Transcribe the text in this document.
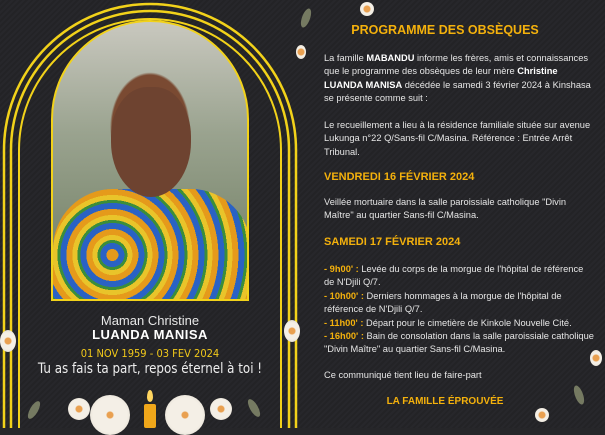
Maman Christine
LUANDA MANISA
01 NOV 1959 - 03 FEV 2024
Tu as fais ta part, repos éternel à toi !
PROGRAMME DES OBSÈQUES
La famille MABANDU informe les frères, amis et connaissances que le programme des obsèques de leur mère Christine LUANDA MANISA décédée le samedi 3 février 2024 à Kinshasa se présente comme suit :
Le recueillement a lieu à la résidence familiale située sur avenue Lukunga n°22 Q/Sans-fil C/Masina. Référence : Entrée Arrêt Tribunal.
VENDREDI 16 FÉVRIER 2024
Veillée mortuaire dans la salle paroissiale catholique "Divin Maître" au quartier Sans-fil C/Masina.
SAMEDI 17 FÉVRIER 2024
- 9h00' : Levée du corps de la morgue de l'hôpital de référence de N'Djili Q/7.
- 10h00' : Derniers hommages à la morgue de l'hôpital de référence de N'Djili Q/7.
- 11h00' : Départ pour le cimetière de Kinkole Nouvelle Cité.
- 16h00' : Bain de consolation dans la salle paroissiale catholique "Divin Maître" au quartier Sans-fil C/Masina.
Ce communiqué tient lieu de faire-part
LA FAMILLE ÉPROUVÉE
